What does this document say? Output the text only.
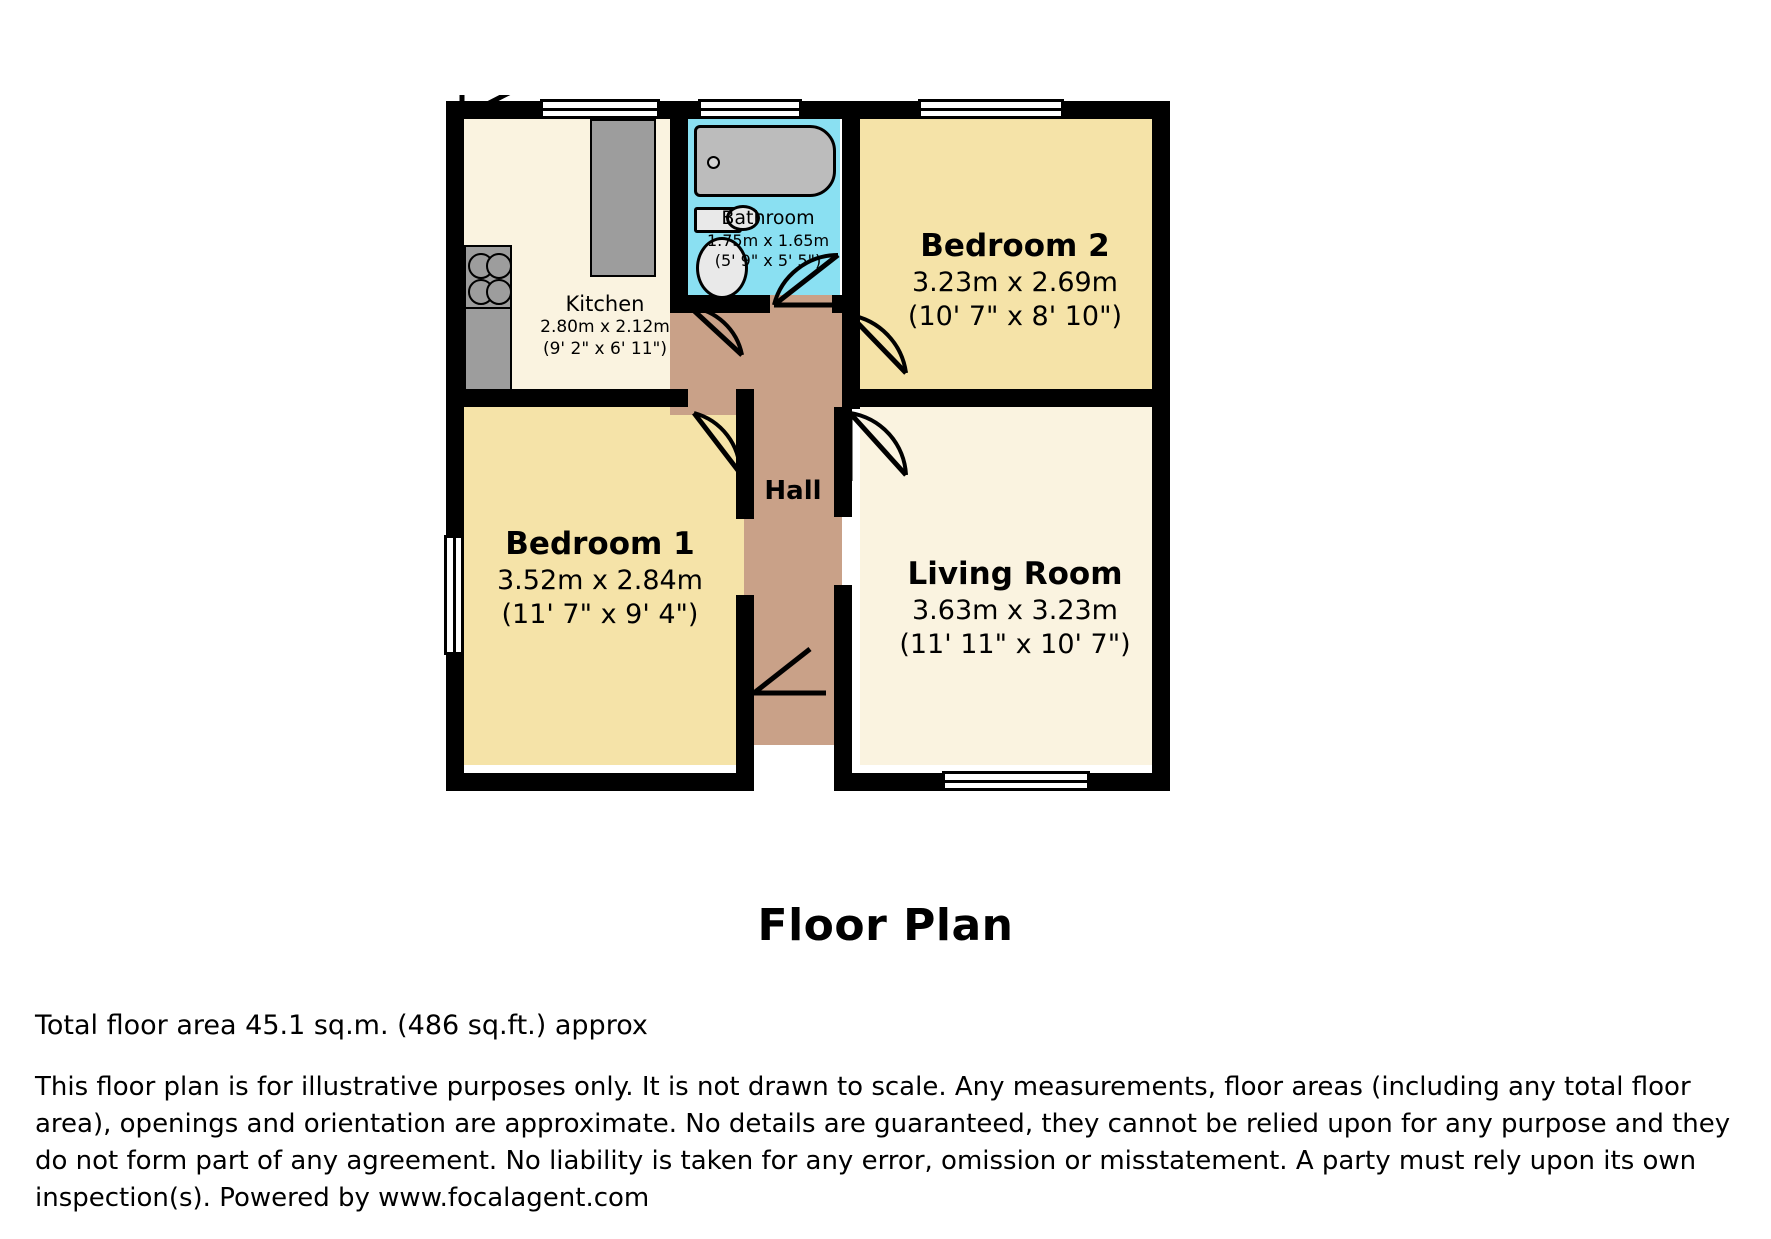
Kitchen
2.80m x 2.12m
(9' 2" x 6' 11")
Bathroom
1.75m x 1.65m
(5' 9" x 5' 5")	Bedroom 2
3.23m x 2.69m
(10' 7" x 8' 10")
Bedroom 1
3.52m x 2.84m
(11' 7" x 9' 4")
Living Room
3.63m x 3.23m
(11' 11" x 10' 7")
Hall
Floor Plan
Total floor area 45.1 sq.m. (486 sq.ft.) approx
This floor plan is for illustrative purposes only. It is not drawn to scale. Any measurements, floor areas (including any total floor area), openings and orientation are approximate. No details are guaranteed, they cannot be relied upon for any purpose and they do not form part of any agreement. No liability is taken for any error, omission or misstatement. A party must rely upon its own inspection(s). Powered by www.focalagent.com
